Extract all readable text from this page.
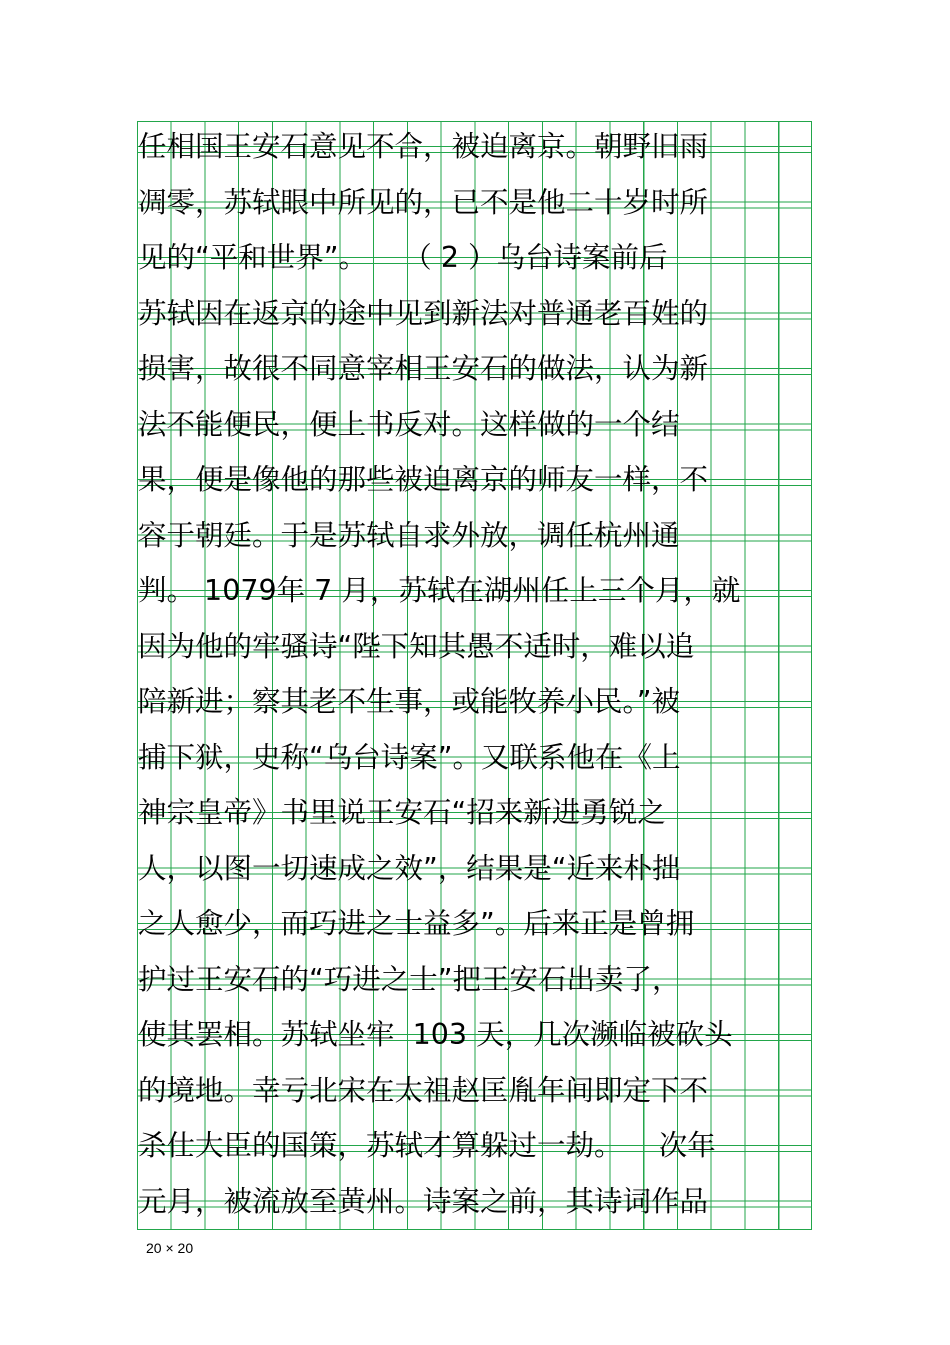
任相国王安石意见不合，被迫离京。朝野旧雨

凋零，苏轼眼中所见的，已不是他二十岁时所

见的“平和世界”。    （ 2 ）乌台诗案前后

苏轼因在返京的途中见到新法对普通老百姓的

损害，故很不同意宰相王安石的做法，认为新

法不能便民，便上书反对。这样做的一个结

果，便是像他的那些被迫离京的师友一样，不

容于朝廷。于是苏轼自求外放，调任杭州通

判。 1079年 7 月，苏轼在湖州任上三个月，就

因为他的牢骚诗“陛下知其愚不适时，难以追

陪新进；察其老不生事，或能牧养小民。”被

捕下狱，史称“乌台诗案”。又联系他在《上

神宗皇帝》书里说王安石“招来新进勇锐之

人，以图一切速成之效”，结果是“近来朴拙

之人愈少，而巧进之士益多”。后来正是曾拥

护过王安石的“巧进之士”把王安石出卖了，

使其罢相。苏轼坐牢  103 天，几次濒临被砍头

的境地。幸亏北宋在太祖赵匡胤年间即定下不

杀仕大臣的国策，苏轼才算躲过一劫。    次年

元月，被流放至黄州。诗案之前，其诗词作品

20 × 20
